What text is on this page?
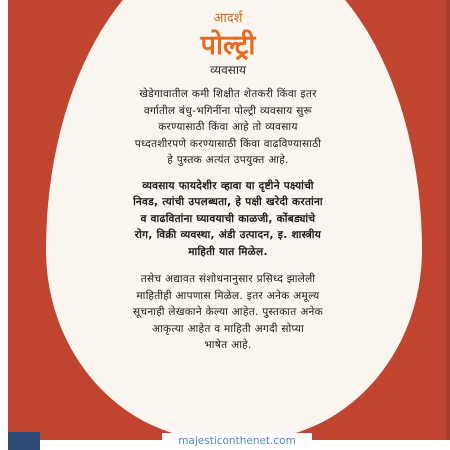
आदर्श
पोल्ट्री
व्यवसाय
खेडेगावातील कमी शिक्षीत शेतकरी किंवा इतर
वर्गातील बंधु-भगिनींना पोल्ट्री व्यवसाय सुरू
करण्यासाठी किंवा आहे तो व्यवसाय
पध्दतशीरपणे करण्यासाठी किंवा वाढविण्यासाठी
हे पुस्तक अत्यंत उपयुक्त आहे.
व्यवसाय फायदेशीर व्हावा या दृष्टीने पक्ष्यांची
निवड, त्यांची उपलब्धता, हे पक्षी खरेदी करतांना
व वाढवितांना घ्यावयाची काळजी, कोंबड्यांचे
रोग, विक्री व्यवस्था, अंडी उत्पादन, इ. शास्त्रीय
माहिती यात मिळेल.
तसेच अद्यावत संशोधनानुसार प्रसिध्द झालेली
माहितीही आपणास मिळेल. इतर अनेक अमूल्य
सूचनाही लेखकाने केल्या आहेत. पुस्तकात अनेक
आकृत्या आहेत व माहिती अगदी सोप्या
भाषेत आहे.
majesticonthenet.com
